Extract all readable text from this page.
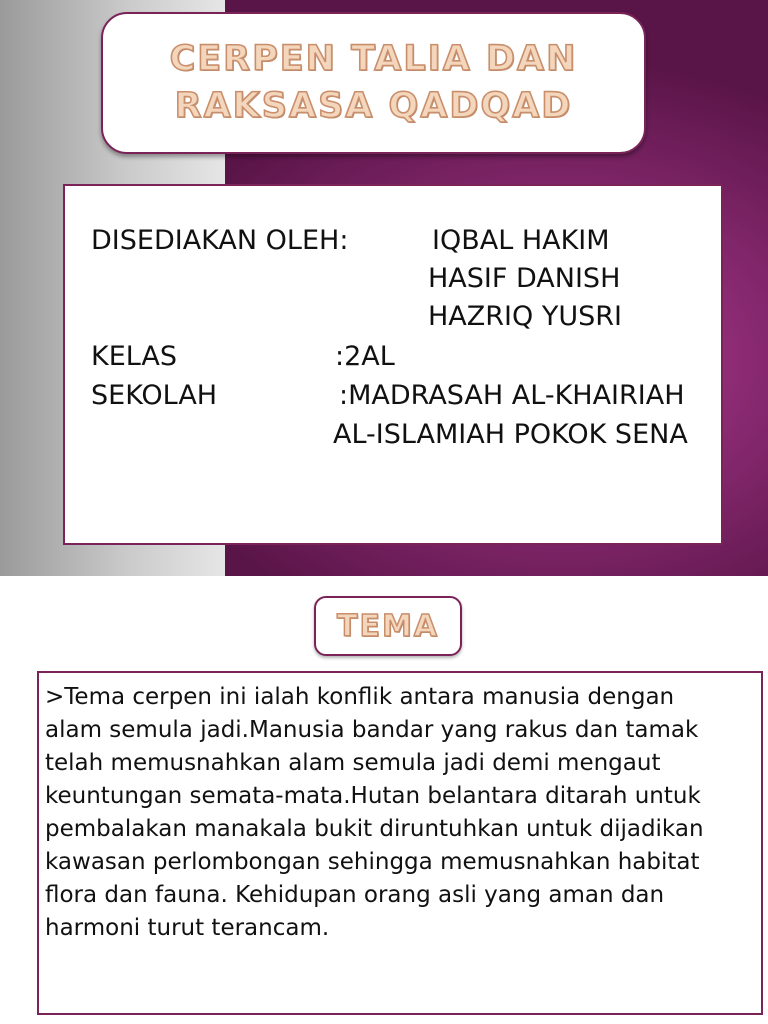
CERPEN TALIA DAN
RAKSASA QADQAD
DISEDIAKAN OLEH:	IQBAL HAKIM
HASIF DANISH
HAZRIQ YUSRI
KELAS	:2AL
SEKOLAH	:MADRASAH AL-KHAIRIAH
AL-ISLAMIAH POKOK SENA
TEMA
>Tema cerpen ini ialah konflik antara manusia dengan
alam semula jadi.Manusia bandar yang rakus dan tamak
telah memusnahkan alam semula jadi demi mengaut
keuntungan semata-mata.Hutan belantara ditarah untuk
pembalakan manakala bukit diruntuhkan untuk dijadikan
kawasan perlombongan sehingga memusnahkan habitat
flora dan fauna. Kehidupan orang asli yang aman dan
harmoni turut terancam.
